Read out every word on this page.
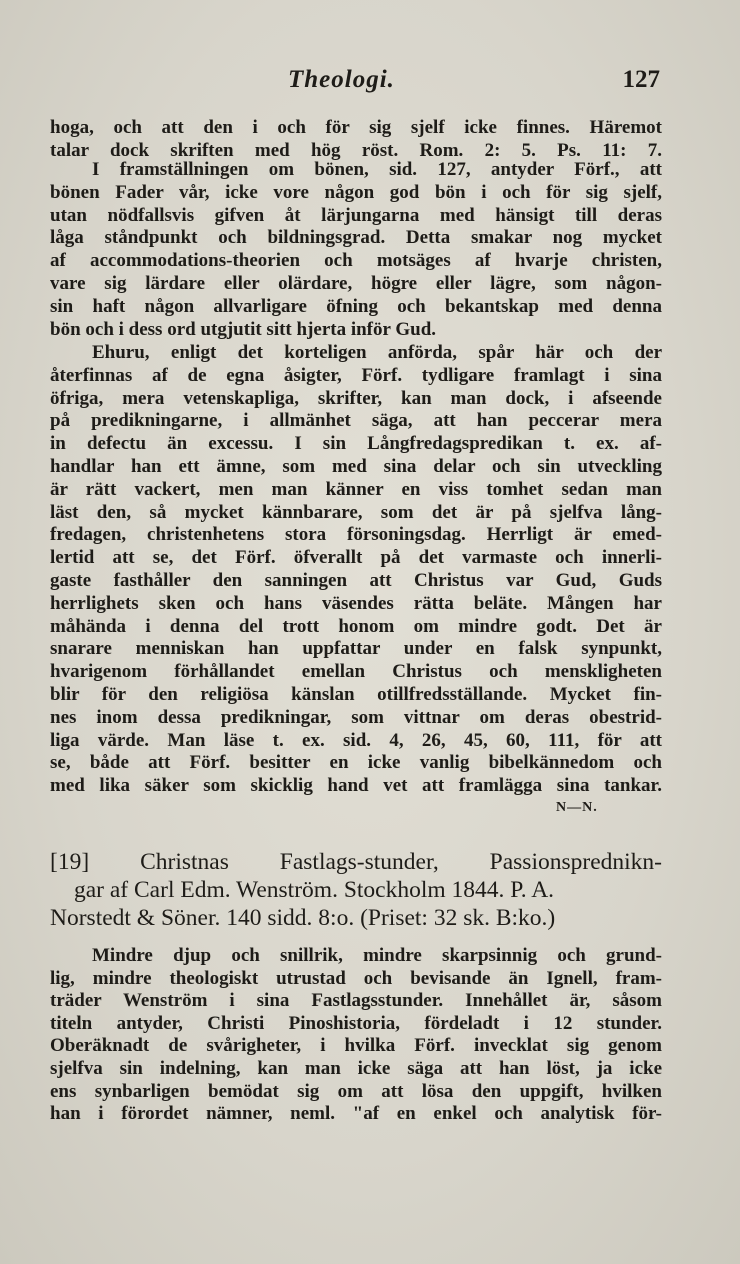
Theologi.	127

hoga, och att den i och för sig sjelf icke finnes. Häremot
talar dock skriften med hög röst. Rom. 2: 5. Ps. 11: 7.

I framställningen om bönen, sid. 127, antyder Förf., att
bönen Fader vår, icke vore någon god bön i och för sig sjelf,
utan nödfallsvis gifven åt lärjungarna med hänsigt till deras
låga ståndpunkt och bildningsgrad. Detta smakar nog mycket
af accommodations-theorien och motsäges af hvarje christen,
vare sig lärdare eller olärdare, högre eller lägre, som någon-
sin haft någon allvarligare öfning och bekantskap med denna
bön och i dess ord utgjutit sitt hjerta inför Gud.

Ehuru, enligt det korteligen anförda, spår här och der
återfinnas af de egna åsigter, Förf. tydligare framlagt i sina
öfriga, mera vetenskapliga, skrifter, kan man dock, i afseende
på predikningarne, i allmänhet säga, att han peccerar mera
in defectu än excessu. I sin Långfredagspredikan t. ex. af-
handlar han ett ämne, som med sina delar och sin utveckling
är rätt vackert, men man känner en viss tomhet sedan man
läst den, så mycket kännbarare, som det är på sjelfva lång-
fredagen, christenhetens stora försoningsdag. Herrligt är emed-
lertid att se, det Förf. öfverallt på det varmaste och innerli-
gaste fasthåller den sanningen att Christus var Gud, Guds
herrlighets sken och hans väsendes rätta beläte. Mången har
måhända i denna del trott honom om mindre godt. Det är
snarare menniskan han uppfattar under en falsk synpunkt,
hvarigenom förhållandet emellan Christus och menskligheten
blir för den religiösa känslan otillfredsställande. Mycket fin-
nes inom dessa predikningar, som vittnar om deras obestrid-
liga värde. Man läse t. ex. sid. 4, 26, 45, 60, 111, för att
se, både att Förf. besitter en icke vanlig bibelkännedom och
med lika säker som skicklig hand vet att framlägga sina tankar.

N—N.
[19] Christnas Fastlags-stunder, Passionsprednikn-
gar af Carl Edm. Wenström. Stockholm 1844. P. A.
Norstedt & Söner. 140 sidd. 8:o. (Priset: 32 sk. B:ko.)

Mindre djup och snillrik, mindre skarpsinnig och grund-
lig, mindre theologiskt utrustad och bevisande än Ignell, fram-
träder Wenström i sina Fastlagsstunder. Innehållet är, såsom
titeln antyder, Christi Pinoshistoria, fördeladt i 12 stunder.
Oberäknadt de svårigheter, i hvilka Förf. invecklat sig genom
sjelfva sin indelning, kan man icke säga att han löst, ja icke
ens synbarligen bemödat sig om att lösa den uppgift, hvilken
han i förordet nämner, neml. "af en enkel och analytisk för-
